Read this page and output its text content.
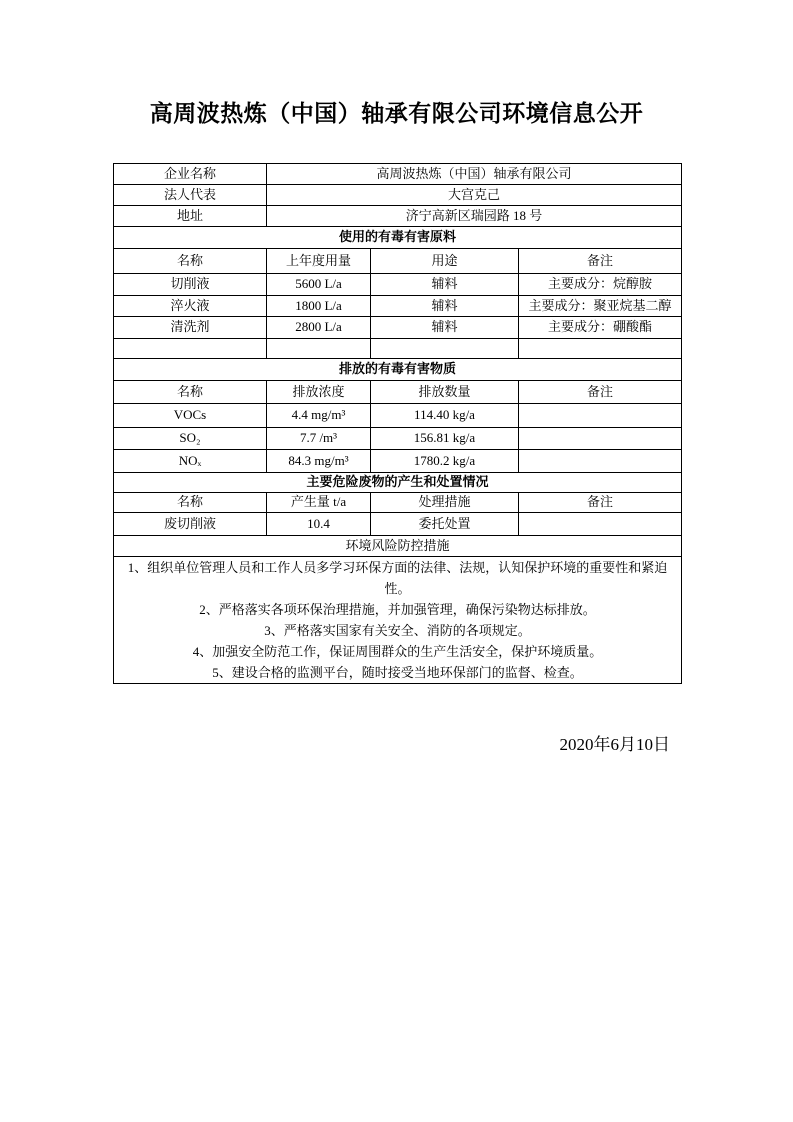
高周波热炼（中国）轴承有限公司环境信息公开
企业名称	高周波热炼（中国）轴承有限公司		
法人代表	大宫克己		
地址	济宁高新区瑞园路 18 号		
使用的有毒有害原料			
名称	上年度用量	用途	备注
切削液	5600 L/a	辅料	主要成分：烷醇胺
淬火液	1800 L/a	辅料	主要成分：聚亚烷基二醇
清洗剂	2800 L/a	辅料	主要成分：硼酸酯

排放的有毒有害物质			
名称	排放浓度	排放数量	备注
VOCs	4.4 mg/m³	114.40 kg/a	
SO₂	7.7 /m³	156.81 kg/a	
NOₓ	84.3 mg/m³	1780.2 kg/a	
主要危险废物的产生和处置情况			
名称	产生量 t/a	处理措施	备注
废切削液	10.4	委托处置	
环境风险防控措施			

1、组织单位管理人员和工作人员多学习环保方面的法律、法规，认知保护环境的重要性和紧迫性。
2、严格落实各项环保治理措施，并加强管理，确保污染物达标排放。
3、严格落实国家有关安全、消防的各项规定。
4、加强安全防范工作，保证周围群众的生产生活安全，保护环境质量。
5、建设合格的监测平台，随时接受当地环保部门的监督、检查。			
2020年6月10日
